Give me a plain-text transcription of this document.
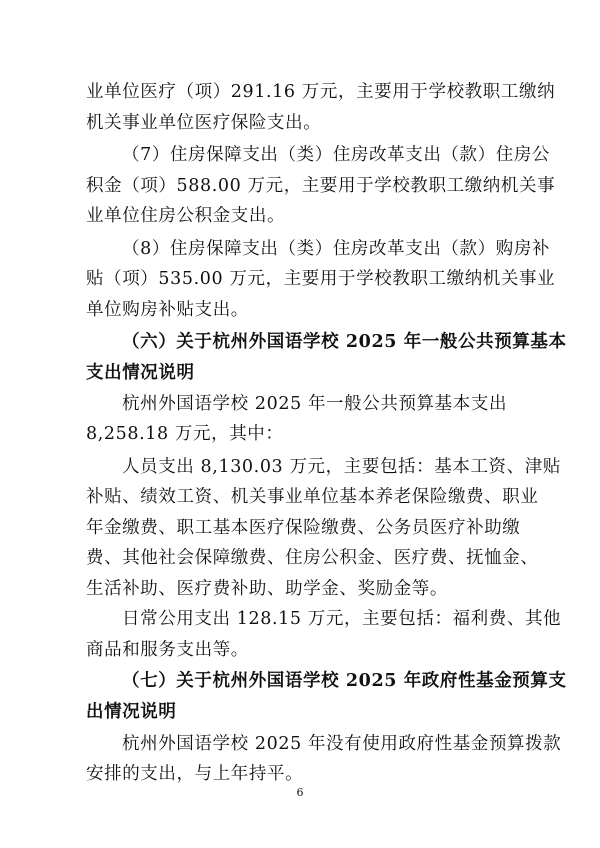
业单位医疗（项）291.16 万元，主要用于学校教职工缴纳
机关事业单位医疗保险支出。
（7）住房保障支出（类）住房改革支出（款）住房公
积金（项）588.00 万元，主要用于学校教职工缴纳机关事
业单位住房公积金支出。
（8）住房保障支出（类）住房改革支出（款）购房补
贴（项）535.00 万元，主要用于学校教职工缴纳机关事业
单位购房补贴支出。
（六）关于杭州外国语学校 2025 年一般公共预算基本
支出情况说明
杭州外国语学校 2025 年一般公共预算基本支出
8,258.18 万元，其中：
人员支出 8,130.03 万元，主要包括：基本工资、津贴
补贴、绩效工资、机关事业单位基本养老保险缴费、职业
年金缴费、职工基本医疗保险缴费、公务员医疗补助缴
费、其他社会保障缴费、住房公积金、医疗费、抚恤金、
生活补助、医疗费补助、助学金、奖励金等。
日常公用支出 128.15 万元，主要包括：福利费、其他
商品和服务支出等。
（七）关于杭州外国语学校 2025 年政府性基金预算支
出情况说明
杭州外国语学校 2025 年没有使用政府性基金预算拨款
安排的支出，与上年持平。
6
